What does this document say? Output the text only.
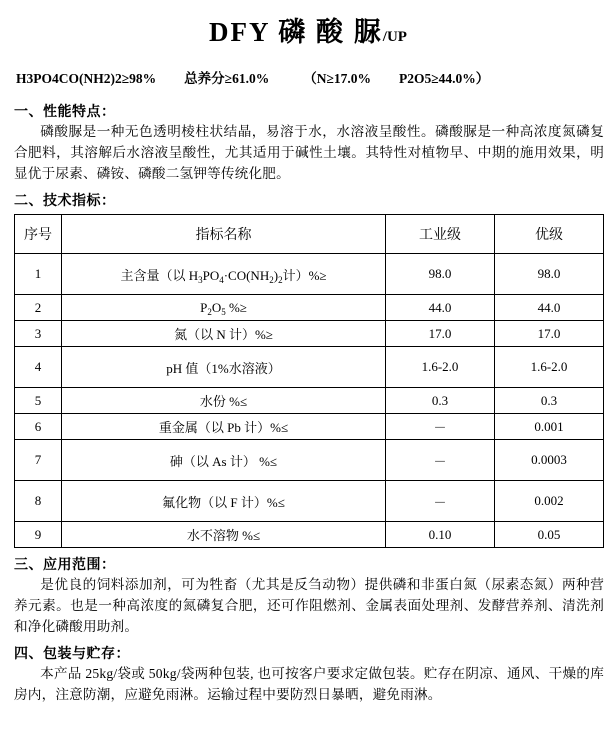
DFY 磷 酸 脲/UP
H3PO4CO(NH2)2≥98% 总养分≥61.0%	（N≥17.0% P2O5≥44.0%）
一、性能特点：
磷酸脲是一种无色透明棱柱状结晶，易溶于水，水溶液呈酸性。磷酸脲是一种高浓度氮磷复合肥料，其溶解后水溶液呈酸性，尤其适用于碱性土壤。其特性对植物早、中期的施用效果，明显优于尿素、磷铵、磷酸二氢钾等传统化肥。
二、技术指标：
序号	指标名称	工业级	优级
1	主含量（以 $H_3PO_4\cdot CO(NH_2)_2$计）%≥	98.0	98.0
2	$P_2O_5$ %≥	44.0	44.0
3	氮（以 N 计）%≥	17.0	17.0
4	pH 值（1%水溶液）	1.6-2.0	1.6-2.0
5	水份 %≤	0.3	0.3
6	重金属（以 Pb 计）%≤	－	0.001
7	砷（以 As 计） %≤	－	0.0003
8	氟化物（以 F 计）%≤	－	0.002
9	水不溶物 %≤	0.10	0.05
三、应用范围：
是优良的饲料添加剂，可为牲畜（尤其是反刍动物）提供磷和非蛋白氮（尿素态氮）两种营养元素。也是一种高浓度的氮磷复合肥，还可作阻燃剂、金属表面处理剂、发酵营养剂、清洗剂和净化磷酸用助剂。
四、包装与贮存：
本产品 25kg/袋或 50kg/袋两种包装, 也可按客户要求定做包装。贮存在阴凉、通风、干燥的库房内，注意防潮，应避免雨淋。运输过程中要防烈日暴晒，避免雨淋。
